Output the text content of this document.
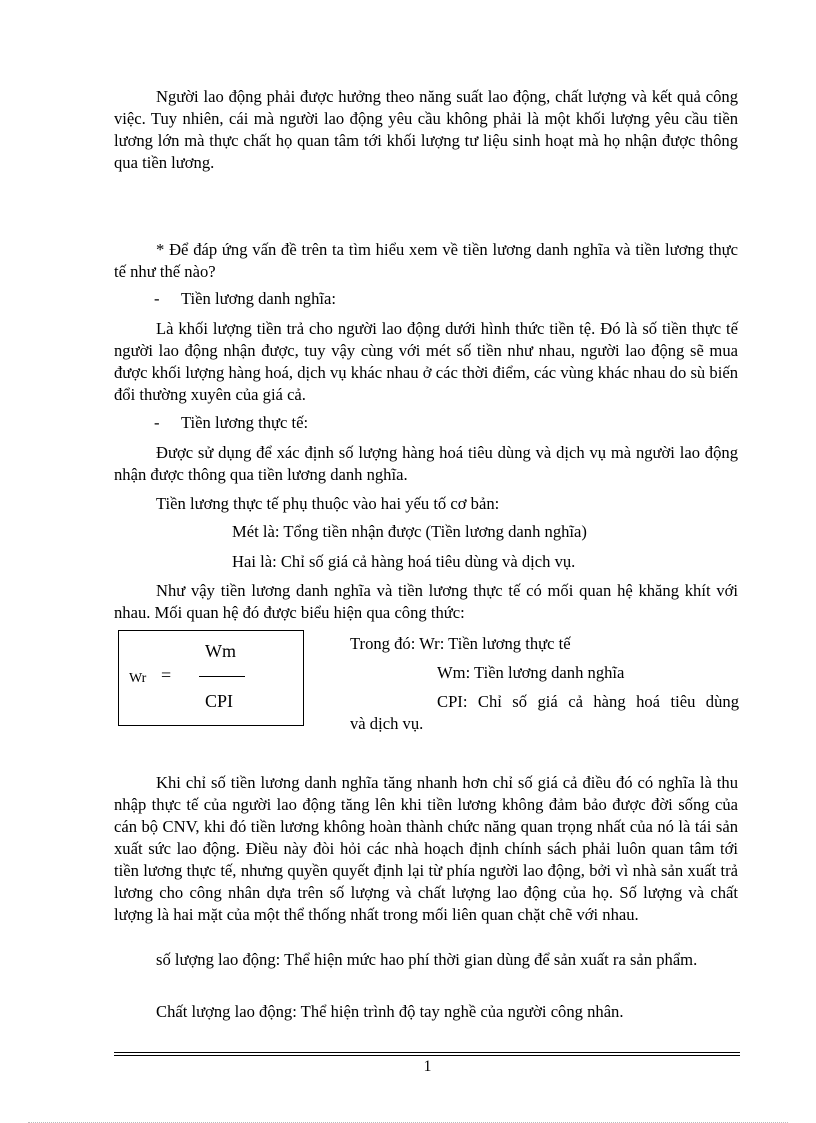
Người lao động phải được hưởng theo năng suất lao động, chất lượng và kết quả công việc. Tuy nhiên, cái mà người lao động yêu cầu không phải là một khối lượng yêu cầu tiền lương lớn mà thực chất họ quan tâm tới khối lượng tư liệu sinh hoạt mà họ nhận được thông qua tiền lương.

* Để đáp ứng vấn đề trên ta tìm hiểu xem về tiền lương danh nghĩa và tiền lương thực tế như thế nào?

- Tiền lương danh nghĩa:

Là khối lượng tiền trả cho người lao động dưới hình thức tiền tệ. Đó là số tiền thực tế người lao động nhận được, tuy vậy cùng với mét số tiền như nhau, người lao động sẽ mua được khối lượng hàng hoá, dịch vụ khác nhau ở các thời điểm, các vùng khác nhau do sù biến đổi thường xuyên của giá cả.

- Tiền lương thực tế:

Được sử dụng để xác định số lượng hàng hoá tiêu dùng và dịch vụ mà người lao động nhận được thông qua tiền lương danh nghĩa.

Tiền lương thực tế phụ thuộc vào hai yếu tố cơ bản:

Mét là: Tổng tiền nhận được (Tiền lương danh nghĩa)

Hai là: Chỉ số giá cả hàng hoá tiêu dùng và dịch vụ.

Như vậy tiền lương danh nghĩa và tiền lương thực tế có mối quan hệ khăng khít với nhau. Mối quan hệ đó được biểu hiện qua công thức:

Wr =
Wm
CPI
Trong đó: Wr: Tiền lương thực tế
Wm: Tiền lương danh nghĩa
CPI: Chỉ số giá cả hàng hoá tiêu dùng
và dịch vụ.

Khi chỉ số tiền lương danh nghĩa tăng nhanh hơn chỉ số giá cả điều đó có nghĩa là thu nhập thực tế của người lao động tăng lên khi tiền lương không đảm bảo được đời sống của cán bộ CNV, khi đó tiền lương không hoàn thành chức năng quan trọng nhất của nó là tái sản xuất sức lao động. Điều này đòi hỏi các nhà hoạch định chính sách phải luôn quan tâm tới tiền lương thực tế, nhưng quyền quyết định lại từ phía người lao động, bởi vì nhà sản xuất trả lương cho công nhân dựa trên số lượng và chất lượng lao động của họ. Số lượng và chất lượng là hai mặt của một thể thống nhất trong mối liên quan chặt chẽ với nhau.

số lượng lao động: Thể hiện mức hao phí thời gian dùng để sản xuất ra sản phẩm.

Chất lượng lao động: Thể hiện trình độ tay nghề của người công nhân.

1
